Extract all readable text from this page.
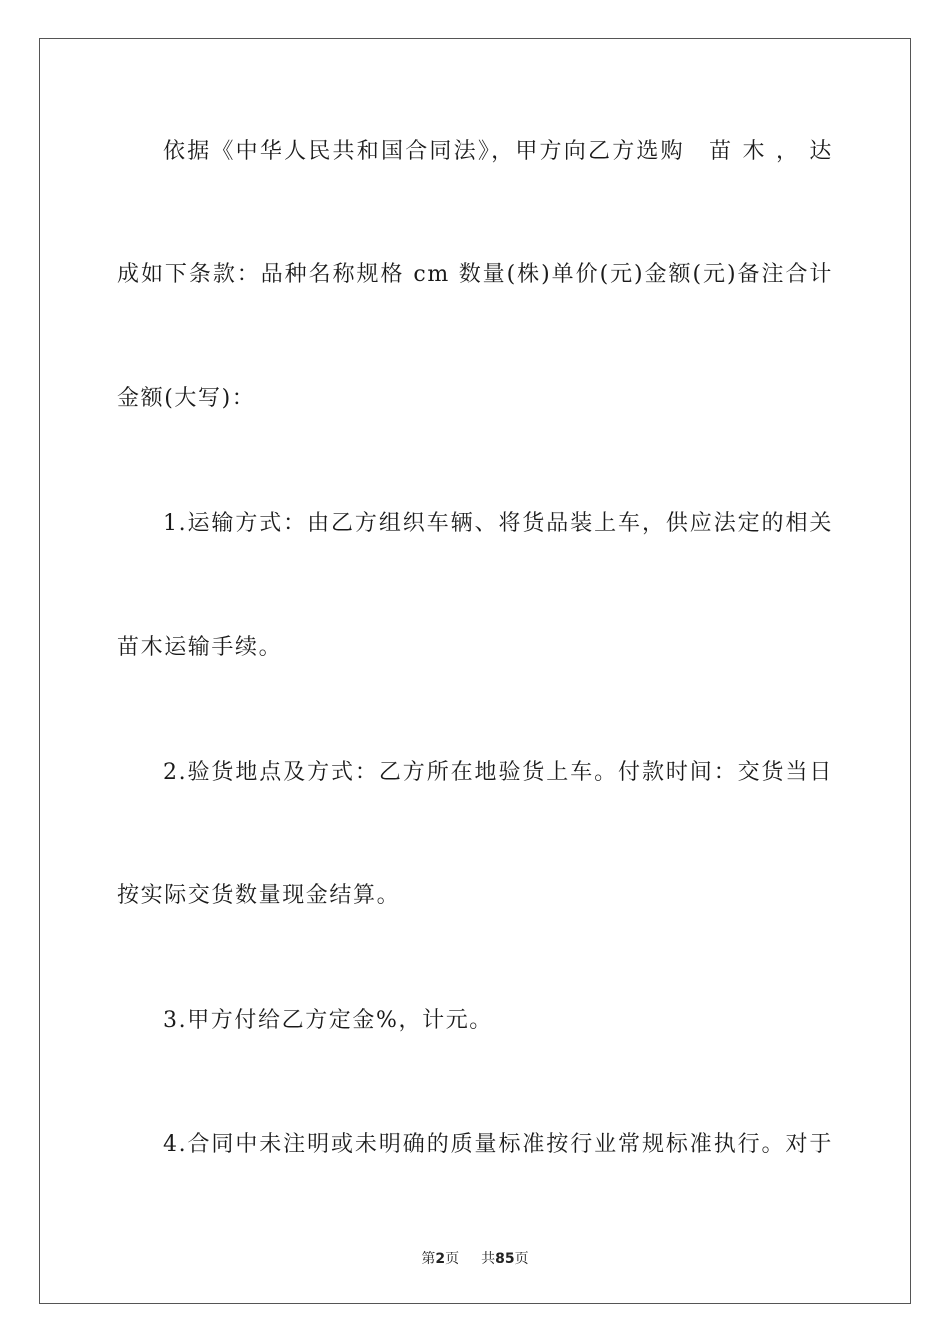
依据《中华人民共和国合同法》，甲方向乙方选购　苗 木 ， 达
成如下条款：品种名称规格 cm 数量(株)单价(元)金额(元)备注合计
金额(大写)：
1.运输方式：由乙方组织车辆、将货品装上车，供应法定的相关
苗木运输手续。
2.验货地点及方式：乙方所在地验货上车。付款时间：交货当日
按实际交货数量现金结算。
3.甲方付给乙方定金%，计元。
4.合同中未注明或未明确的质量标准按行业常规标准执行。对于
第2页 共85页
